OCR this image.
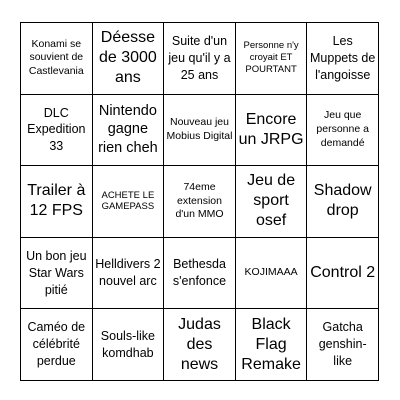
Konami se souvient de Castlevania
Déesse de 3000 ans
Suite d'un jeu qu'il y a 25 ans
Personne n'y croyait ET POURTANT
Les Muppets de l'angoisse
DLC Expedition 33
Nintendo gagne rien cheh
Nouveau jeu Mobius Digital
Encore un JRPG
Jeu que personne a demandé
Trailer à 12 FPS
ACHETE LE GAMEPASS
74eme extension d'un MMO
Jeu de sport osef
Shadow drop
Un bon jeu Star Wars pitié
Helldivers 2 nouvel arc
Bethesda s'enfonce
KOJIMAAA Control 2
Caméo de célébrité perdue
Souls-like komdhab
Judas des news
Black Flag Remake
Gatcha genshin-like
